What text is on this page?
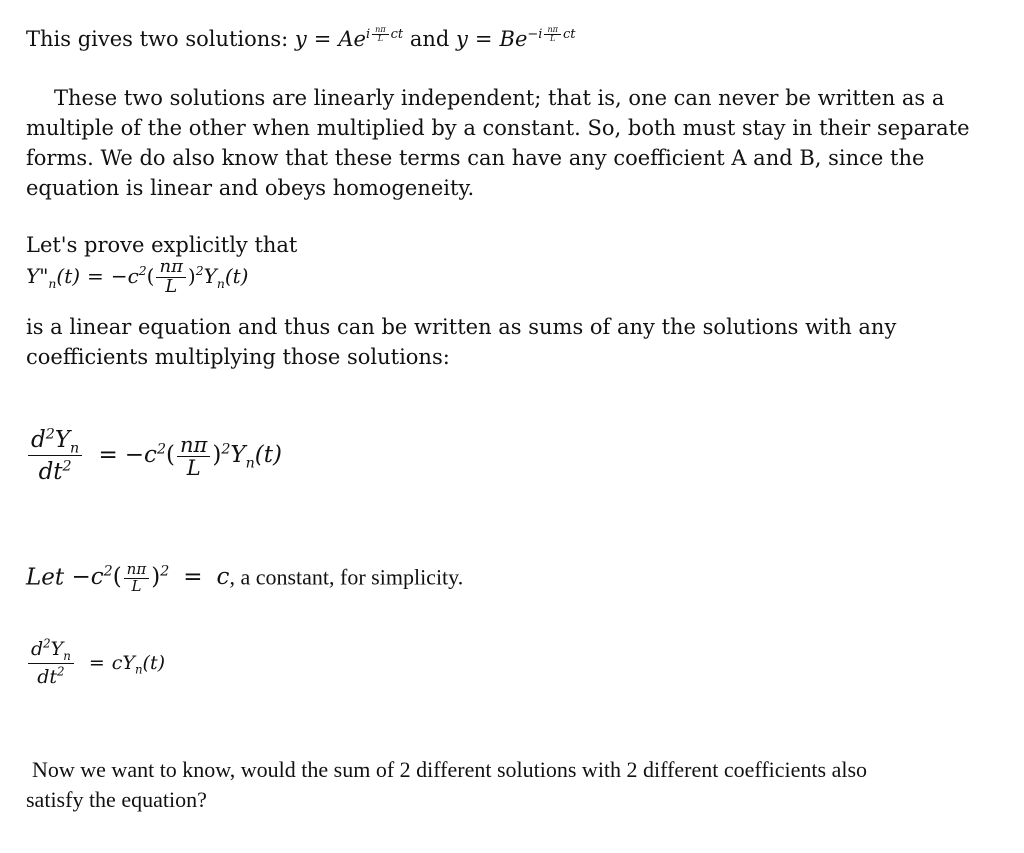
This gives two solutions: $y = Ae^{i \frac{n\pi}{L} ct}$ and $y = Be^{-i \frac{n\pi}{L} ct}$
These two solutions are linearly independent; that is, one can never be written as a
multiple of the other when multiplied by a constant. So, both must stay in their separate
forms. We do also know that these terms can have any coefficient A and B, since the
equation is linear and obeys homogeneity.
Let's prove explicitly that
$Y"_n(t) = -c^2( \frac{n\pi}{L} )^2Y_n(t)$
is a linear equation and thus can be written as sums of any the solutions with any
coefficients multiplying those solutions:
$\frac{d^2Y_n}{dt^2} = -c^2( \frac{n\pi}{L} )^2Y_n(t)$
Let $-c^2( \frac{n\pi}{L} )^2 = c$, a constant, for simplicity.
$\frac{d^2Y_n}{dt^2} = cY_n(t)$
Now we want to know, would the sum of 2 different solutions with 2 different coefficients also
satisfy the equation?
